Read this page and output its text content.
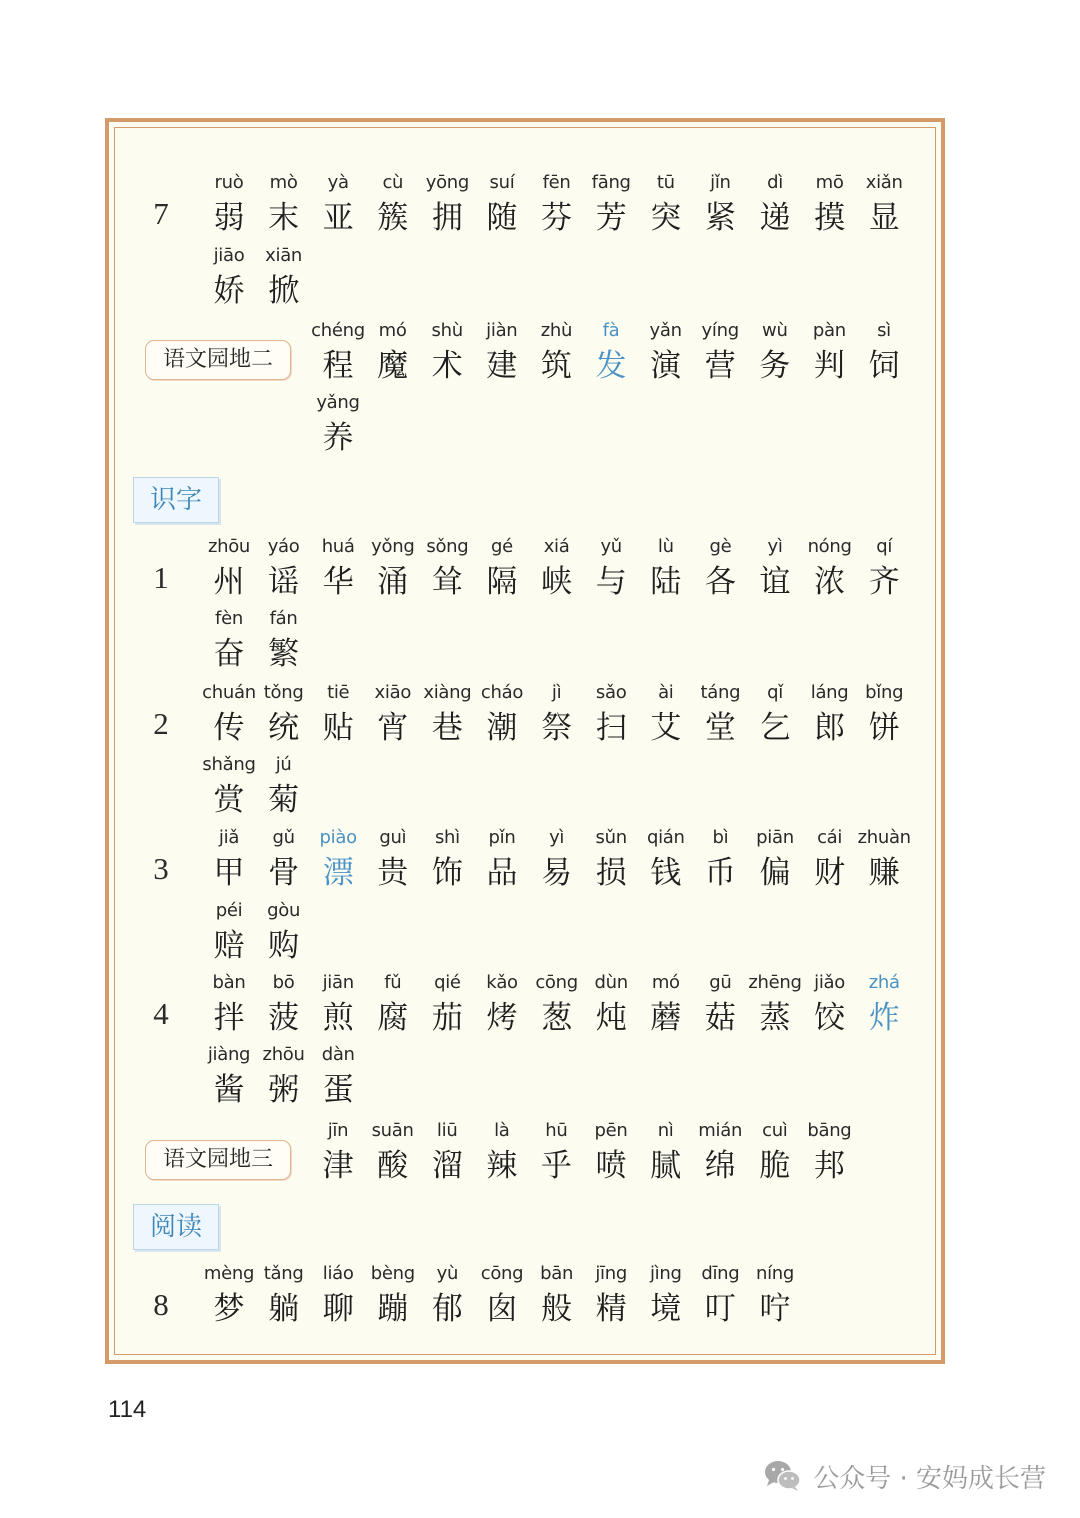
识字
阅读
7
ruò
弱
mò
末
yà
亚
cù
簇
yōng
拥
suí
随
fēn
芬
fāng
芳
tū
突
jǐn
紧
dì
递
mō
摸
xiǎn
显
jiāo
娇
xiān
掀
语文园地二
chéng
程
mó
魔
shù
术
jiàn
建
zhù
筑
fà
发
yǎn
演
yíng
营
wù
务
pàn
判
sì
饲
yǎng
养
1
zhōu
州
yáo
谣
huá
华
yǒng
涌
sǒng
耸
gé
隔
xiá
峡
yǔ
与
lù
陆
gè
各
yì
谊
nóng
浓
qí
齐
fèn
奋
fán
繁
2
chuán
传
tǒng
统
tiē
贴
xiāo
宵
xiàng
巷
cháo
潮
jì
祭
sǎo
扫
ài
艾
táng
堂
qǐ
乞
láng
郎
bǐng
饼
shǎng
赏
jú
菊
3
jiǎ
甲
gǔ
骨
piào
漂
guì
贵
shì
饰
pǐn
品
yì
易
sǔn
损
qián
钱
bì
币
piān
偏
cái
财
zhuàn
赚
péi
赔
gòu
购
4
bàn
拌
bō
菠
jiān
煎
fǔ
腐
qié
茄
kǎo
烤
cōng
葱
dùn
炖
mó
蘑
gū
菇
zhēng
蒸
jiǎo
饺
zhá
炸
jiàng
酱
zhōu
粥
dàn
蛋
语文园地三
jīn
津
suān
酸
liū
溜
là
辣
hū
乎
pēn
喷
nì
腻
mián
绵
cuì
脆
bāng
邦
8
mèng
梦
tǎng
躺
liáo
聊
bèng
蹦
yù
郁
cōng
囱
bān
般
jīng
精
jìng
境
dīng
叮
níng
咛
114
公众号 · 安妈成长营
